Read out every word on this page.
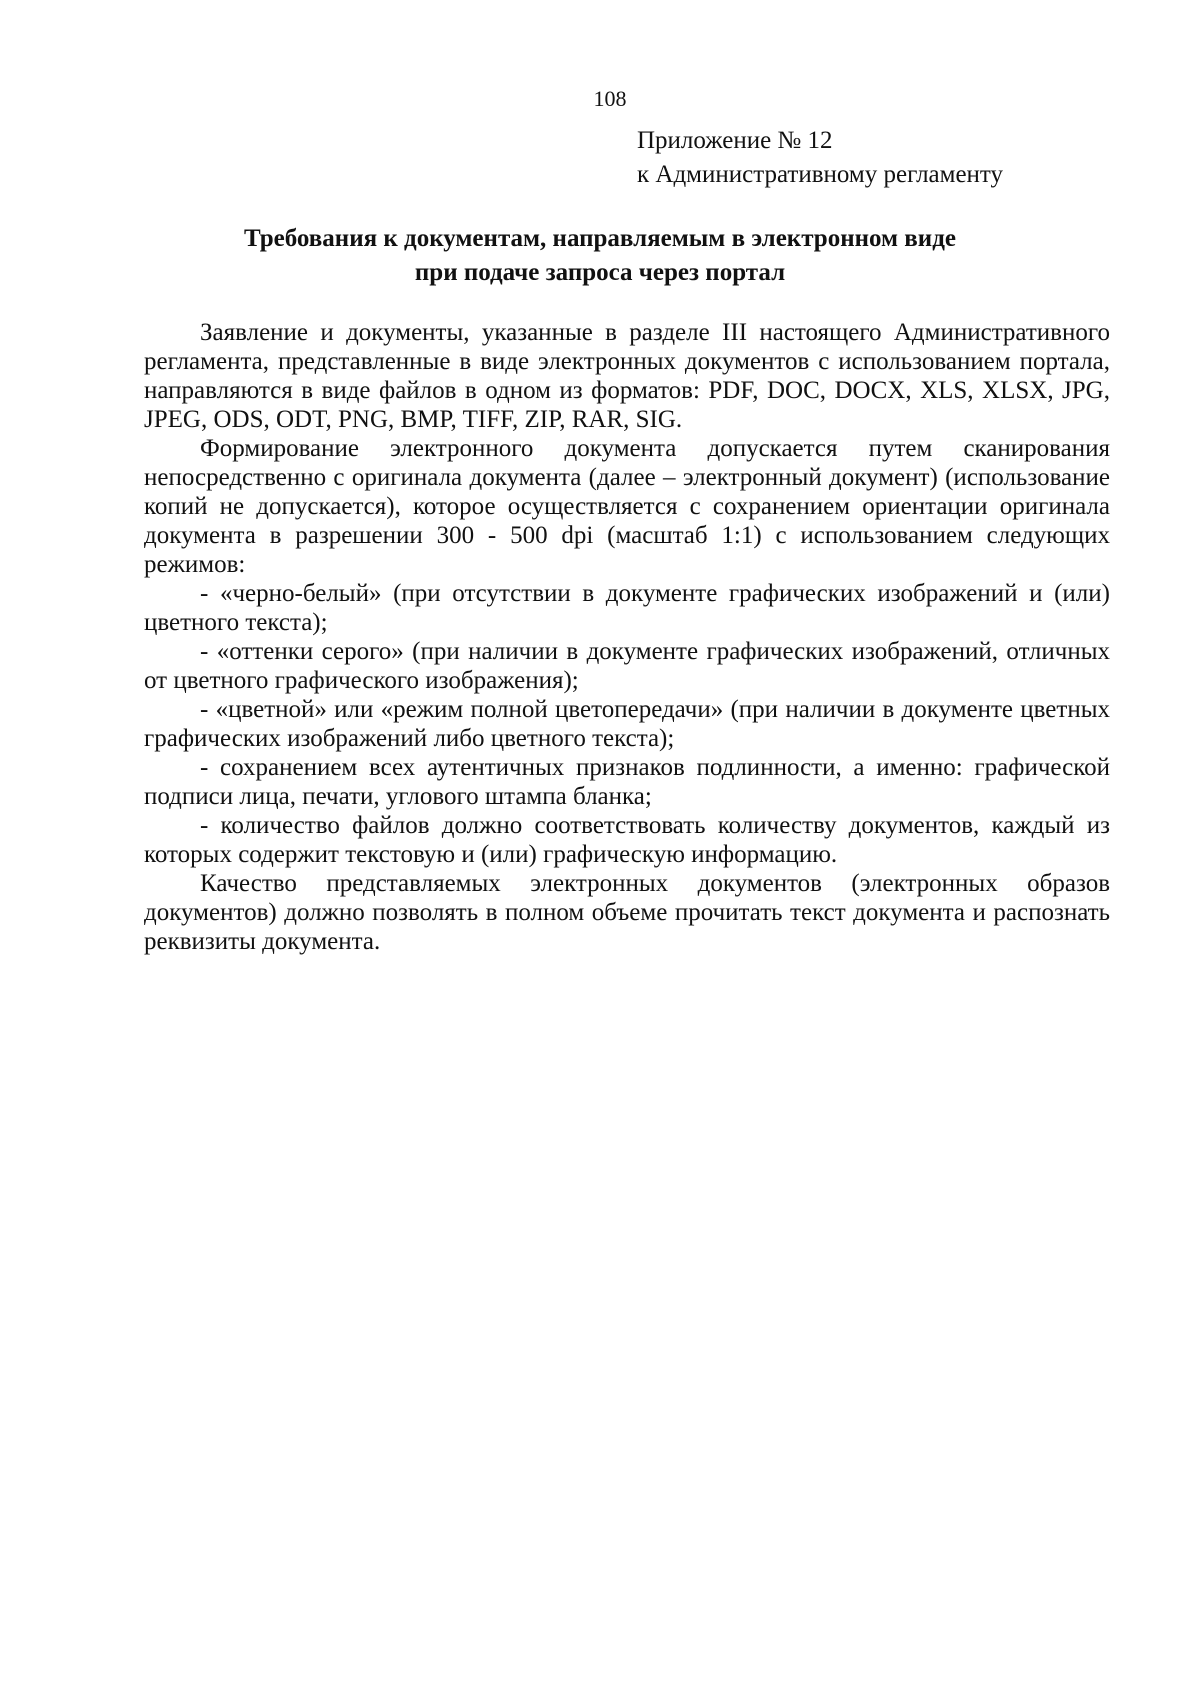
108
Приложение № 12
к Административному регламенту
Требования к документам, направляемым в электронном виде
при подаче запроса через портал

Заявление и документы, указанные в разделе III настоящего Административного регламента, представленные в виде электронных документов с использованием портала, направляются в виде файлов в одном из форматов: PDF, DOC, DOCX, XLS, XLSX, JPG, JPEG, ODS, ODT, PNG, BMP, TIFF, ZIP, RAR, SIG.

Формирование электронного документа допускается путем сканирования непосредственно с оригинала документа (далее – электронный документ) (использование копий не допускается), которое осуществляется с сохранением ориентации оригинала документа в разрешении 300 - 500 dpi (масштаб 1:1) с использованием следующих режимов:

- «черно-белый» (при отсутствии в документе графических изображений и (или) цветного текста);

- «оттенки серого» (при наличии в документе графических изображений, отличных от цветного графического изображения);

- «цветной» или «режим полной цветопередачи» (при наличии в документе цветных графических изображений либо цветного текста);

- сохранением всех аутентичных признаков подлинности, а именно: графической подписи лица, печати, углового штампа бланка;

- количество файлов должно соответствовать количеству документов, каждый из которых содержит текстовую и (или) графическую информацию.

Качество представляемых электронных документов (электронных образов документов) должно позволять в полном объеме прочитать текст документа и распознать реквизиты документа.
